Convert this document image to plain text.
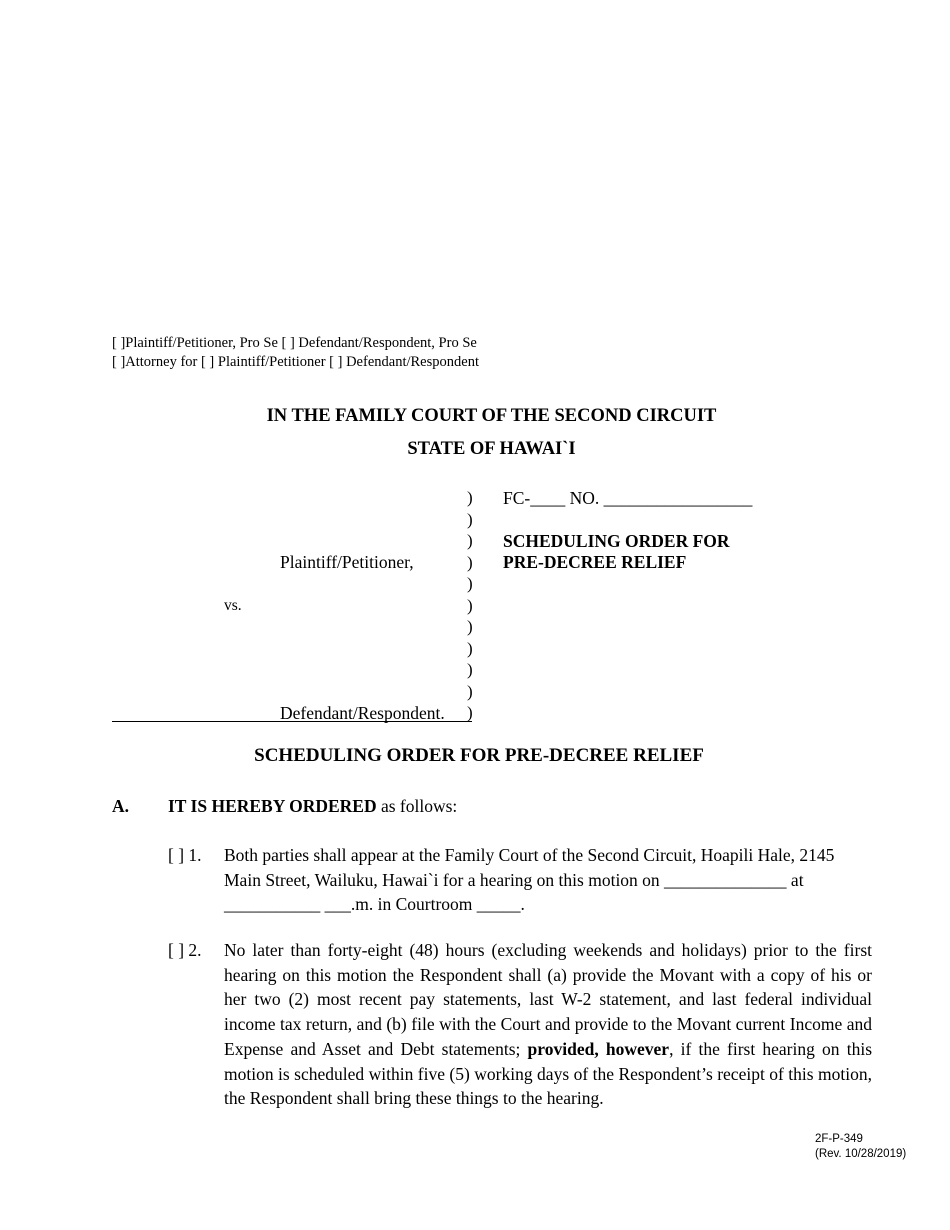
[ ]Plaintiff/Petitioner, Pro Se [ ] Defendant/Respondent, Pro Se
[ ]Attorney for [ ] Plaintiff/Petitioner [ ] Defendant/Respondent
IN THE FAMILY COURT OF THE SECOND CIRCUIT
STATE OF HAWAI`I
Plaintiff/Petitioner,
vs.
Defendant/Respondent.
)
)
)
)
)
)
)
)
)
)
)
FC-____ NO. _________________
SCHEDULING ORDER FOR
PRE-DECREE RELIEF
SCHEDULING ORDER FOR PRE-DECREE RELIEF
A. IT IS HEREBY ORDERED as follows:
[ ] 1. Both parties shall appear at the Family Court of the Second Circuit, Hoapili Hale, 2145 Main Street, Wailuku, Hawai`i for a hearing on this motion on ______________ at ___________ ___.m. in Courtroom _____.
[ ] 2. No later than forty-eight (48) hours (excluding weekends and holidays) prior to the first hearing on this motion the Respondent shall (a) provide the Movant with a copy of his or her two (2) most recent pay statements, last W-2 statement, and last federal individual income tax return, and (b) file with the Court and provide to the Movant current Income and Expense and Asset and Debt statements; provided, however, if the first hearing on this motion is scheduled within five (5) working days of the Respondent’s receipt of this motion, the Respondent shall bring these things to the hearing.
2F-P-349
(Rev. 10/28/2019)
